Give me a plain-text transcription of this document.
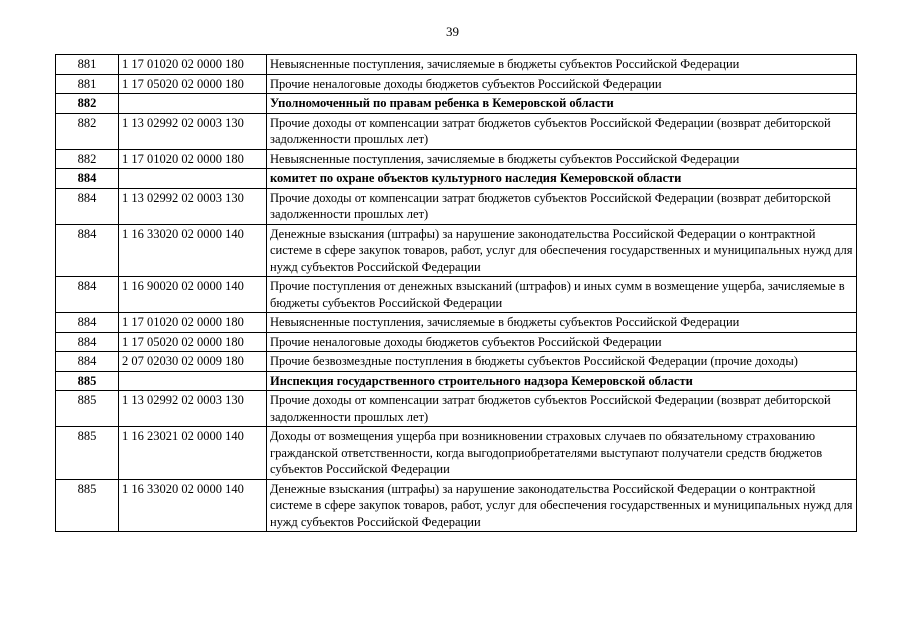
39
881	1 17 01020 02 0000 180	Невыясненные поступления, зачисляемые в бюджеты субъектов Российской Федерации
881	1 17 05020 02 0000 180	Прочие неналоговые доходы бюджетов субъектов Российской Федерации
882		Уполномоченный по правам ребенка в Кемеровской области
882	1 13 02992 02 0003 130	Прочие доходы от компенсации затрат бюджетов субъектов Российской Федерации (возврат дебиторской задолженности прошлых лет)
882	1 17 01020 02 0000 180	Невыясненные поступления, зачисляемые в бюджеты субъектов Российской Федерации
884		комитет по охране объектов культурного наследия Кемеровской области
884	1 13 02992 02 0003 130	Прочие доходы от компенсации затрат бюджетов субъектов Российской Федерации (возврат дебиторской задолженности прошлых лет)
884	1 16 33020 02 0000 140	Денежные взыскания (штрафы) за нарушение законодательства Российской Федерации о контрактной системе в сфере закупок товаров, работ, услуг для обеспечения государственных и муниципальных нужд для нужд субъектов Российской Федерации
884	1 16 90020 02 0000 140	Прочие поступления от денежных взысканий (штрафов) и иных сумм в возмещение ущерба, зачисляемые в бюджеты субъектов Российской Федерации
884	1 17 01020 02 0000 180	Невыясненные поступления, зачисляемые в бюджеты субъектов Российской Федерации
884	1 17 05020 02 0000 180	Прочие неналоговые доходы бюджетов субъектов Российской Федерации
884	2 07 02030 02 0009 180	Прочие безвозмездные поступления в бюджеты субъектов Российской Федерации (прочие доходы)
885		Инспекция государственного строительного надзора Кемеровской области
885	1 13 02992 02 0003 130	Прочие доходы от компенсации затрат бюджетов субъектов Российской Федерации (возврат дебиторской задолженности прошлых лет)
885	1 16 23021 02 0000 140	Доходы от возмещения ущерба при возникновении страховых случаев по обязательному страхованию гражданской ответственности, когда выгодоприобретателями выступают получатели средств бюджетов субъектов Российской Федерации
885	1 16 33020 02 0000 140	Денежные взыскания (штрафы) за нарушение законодательства Российской Федерации о контрактной системе в сфере закупок товаров, работ, услуг для обеспечения государственных и муниципальных нужд для нужд субъектов Российской Федерации
